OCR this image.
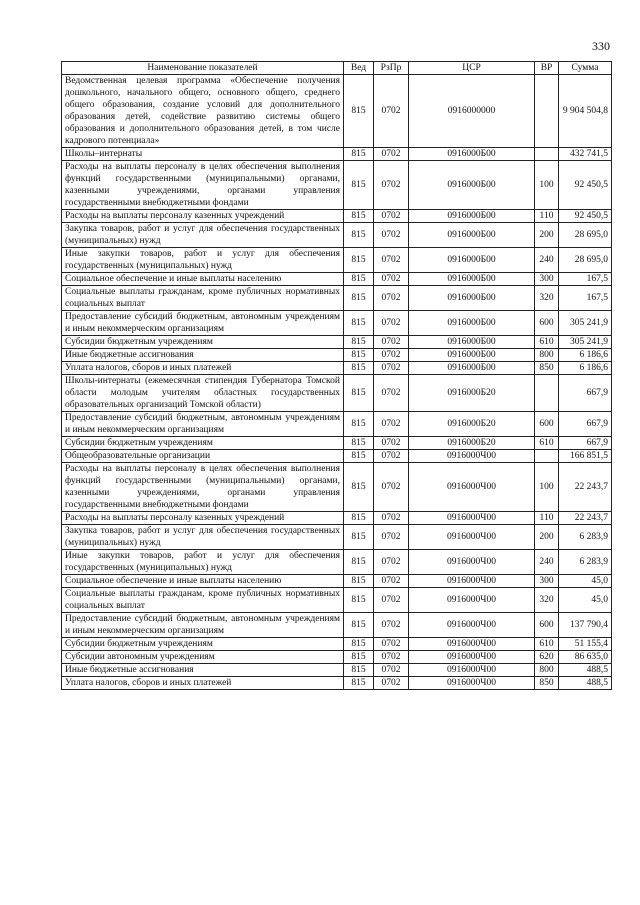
330
Наименование показателей	Вед	РзПр	ЦСР	ВР	Сумма
Ведомственная целевая программа «Обеспечение получения дошкольного, начального общего, основного общего, среднего общего образования, создание условий для дополнительного образования детей, содействие развитию системы общего образования и дополнительного образования детей, в том числе кадрового потенциала»	815	0702	0916000000		9 904 504,8
Школы–интернаты	815	0702	0916000Б00		432 741,5
Расходы на выплаты персоналу в целях обеспечения выполнения функций государственными (муниципальными) органами, казенными учреждениями, органами управления государственными внебюджетными фондами	815	0702	0916000Б00	100	92 450,5
Расходы на выплаты персоналу казенных учреждений	815	0702	0916000Б00	110	92 450,5
Закупка товаров, работ и услуг для обеспечения государственных (муниципальных) нужд	815	0702	0916000Б00	200	28 695,0
Иные закупки товаров, работ и услуг для обеспечения государственных (муниципальных) нужд	815	0702	0916000Б00	240	28 695,0
Социальное обеспечение и иные выплаты населению	815	0702	0916000Б00	300	167,5
Социальные выплаты гражданам, кроме публичных нормативных социальных выплат	815	0702	0916000Б00	320	167,5
Предоставление субсидий бюджетным, автономным учреждениям и иным некоммерческим организациям	815	0702	0916000Б00	600	305 241,9
Субсидии бюджетным учреждениям	815	0702	0916000Б00	610	305 241,9
Иные бюджетные ассигнования	815	0702	0916000Б00	800	6 186,6
Уплата налогов, сборов и иных платежей	815	0702	0916000Б00	850	6 186,6
Школы-интернаты (ежемесячная стипендия Губернатора Томской области молодым учителям областных государственных образовательных организаций Томской области)	815	0702	0916000Б20		667,9
Предоставление субсидий бюджетным, автономным учреждениям и иным некоммерческим организациям	815	0702	0916000Б20	600	667,9
Субсидии бюджетным учреждениям	815	0702	0916000Б20	610	667,9
Общеобразовательные организации	815	0702	0916000Ч00		166 851,5
Расходы на выплаты персоналу в целях обеспечения выполнения функций государственными (муниципальными) органами, казенными учреждениями, органами управления государственными внебюджетными фондами	815	0702	0916000Ч00	100	22 243,7
Расходы на выплаты персоналу казенных учреждений	815	0702	0916000Ч00	110	22 243,7
Закупка товаров, работ и услуг для обеспечения государственных (муниципальных) нужд	815	0702	0916000Ч00	200	6 283,9
Иные закупки товаров, работ и услуг для обеспечения государственных (муниципальных) нужд	815	0702	0916000Ч00	240	6 283,9
Социальное обеспечение и иные выплаты населению	815	0702	0916000Ч00	300	45,0
Социальные выплаты гражданам, кроме публичных нормативных социальных выплат	815	0702	0916000Ч00	320	45,0
Предоставление субсидий бюджетным, автономным учреждениям и иным некоммерческим организациям	815	0702	0916000Ч00	600	137 790,4
Субсидии бюджетным учреждениям	815	0702	0916000Ч00	610	51 155,4
Субсидии автономным учреждениям	815	0702	0916000Ч00	620	86 635,0
Иные бюджетные ассигнования	815	0702	0916000Ч00	800	488,5
Уплата налогов, сборов и иных платежей	815	0702	0916000Ч00	850	488,5
